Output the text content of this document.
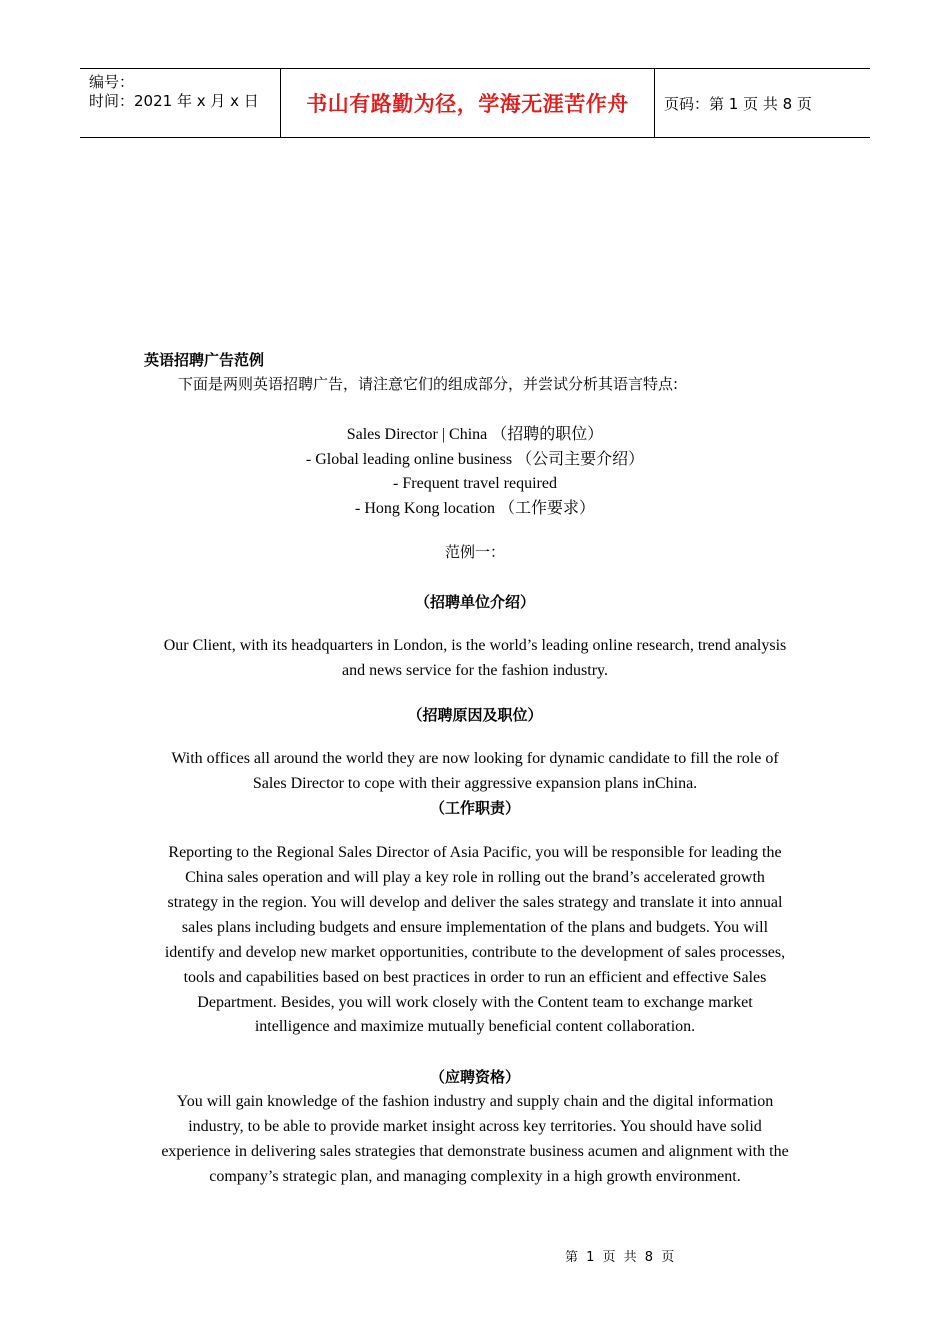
编号：
时间：2021 年 x 月 x 日 书山有路勤为径，学海无涯苦作舟 页码：第 1 页 共 8 页
英语招聘广告范例
下面是两则英语招聘广告，请注意它们的组成部分，并尝试分析其语言特点:
Sales Director | China （招聘的职位）
- Global leading online business （公司主要介绍）
- Frequent travel required
- Hong Kong location （工作要求）
范例一：
（招聘单位介绍）
Our Client, with its headquarters in London, is the world’s leading online research, trend analysis
and news service for the fashion industry.
（招聘原因及职位）
With offices all around the world they are now looking for dynamic candidate to fill the role of
Sales Director to cope with their aggressive expansion plans inChina.
（工作职责）
Reporting to the Regional Sales Director of Asia Pacific, you will be responsible for leading the
China sales operation and will play a key role in rolling out the brand’s accelerated growth
strategy in the region. You will develop and deliver the sales strategy and translate it into annual
sales plans including budgets and ensure implementation of the plans and budgets. You will
identify and develop new market opportunities, contribute to the development of sales processes,
tools and capabilities based on best practices in order to run an efficient and effective Sales
Department. Besides, you will work closely with the Content team to exchange market
intelligence and maximize mutually beneficial content collaboration.
（应聘资格）
You will gain knowledge of the fashion industry and supply chain and the digital information
industry, to be able to provide market insight across key territories. You should have solid
experience in delivering sales strategies that demonstrate business acumen and alignment with the
company’s strategic plan, and managing complexity in a high growth environment.
第 1 页 共 8 页
